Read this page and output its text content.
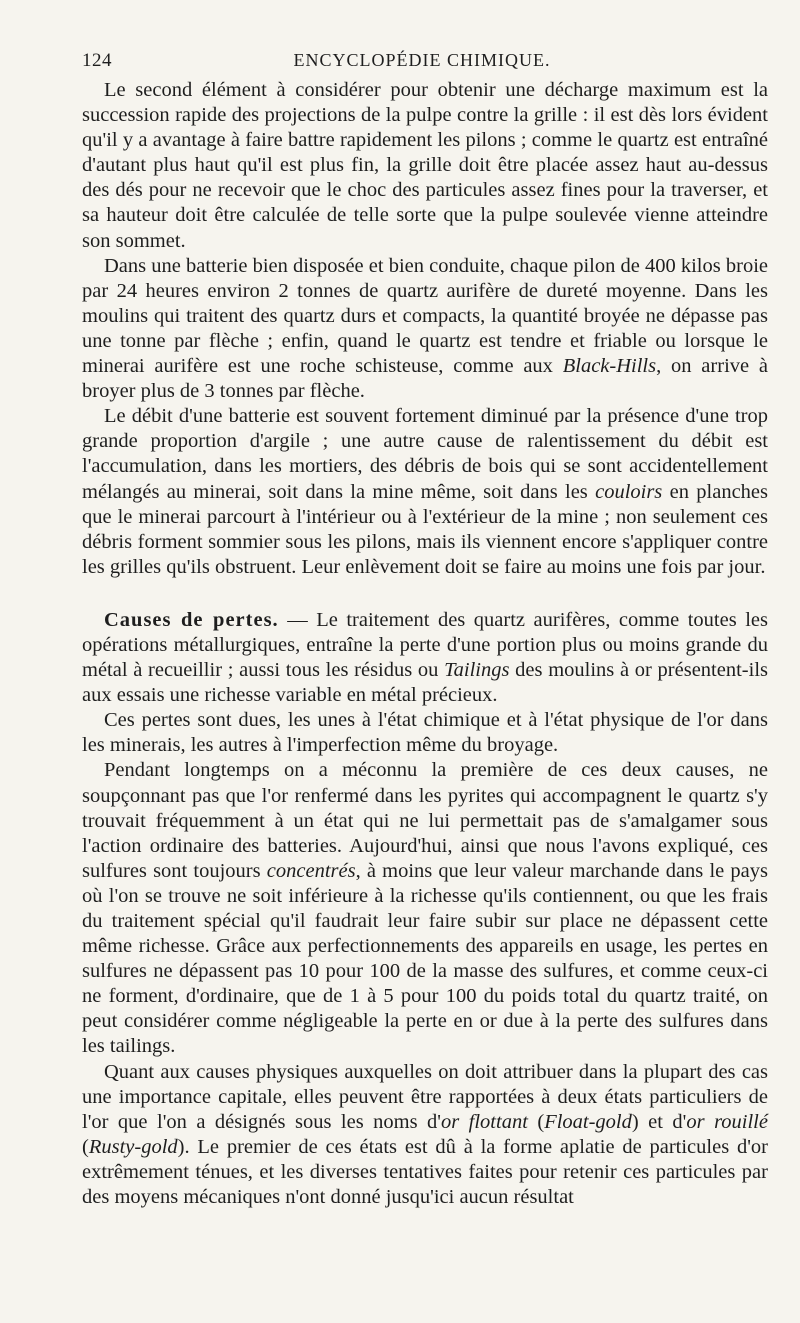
124	ENCYCLOPÉDIE CHIMIQUE.

Le second élément à considérer pour obtenir une décharge maximum est la succession rapide des projections de la pulpe contre la grille : il est dès lors évident qu'il y a avantage à faire battre rapidement les pilons ; comme le quartz est entraîné d'autant plus haut qu'il est plus fin, la grille doit être placée assez haut au-dessus des dés pour ne recevoir que le choc des particules assez fines pour la traverser, et sa hauteur doit être calculée de telle sorte que la pulpe soulevée vienne atteindre son sommet.

Dans une batterie bien disposée et bien conduite, chaque pilon de 400 kilos broie par 24 heures environ 2 tonnes de quartz aurifère de dureté moyenne. Dans les moulins qui traitent des quartz durs et compacts, la quantité broyée ne dépasse pas une tonne par flèche ; enfin, quand le quartz est tendre et friable ou lorsque le minerai aurifère est une roche schisteuse, comme aux Black-Hills, on arrive à broyer plus de 3 tonnes par flèche.

Le débit d'une batterie est souvent fortement diminué par la présence d'une trop grande proportion d'argile ; une autre cause de ralentissement du débit est l'accumulation, dans les mortiers, des débris de bois qui se sont accidentellement mélangés au minerai, soit dans la mine même, soit dans les couloirs en planches que le minerai parcourt à l'intérieur ou à l'extérieur de la mine ; non seulement ces débris forment sommier sous les pilons, mais ils viennent encore s'appliquer contre les grilles qu'ils obstruent. Leur enlèvement doit se faire au moins une fois par jour.

Causes de pertes. — Le traitement des quartz aurifères, comme toutes les opérations métallurgiques, entraîne la perte d'une portion plus ou moins grande du métal à recueillir ; aussi tous les résidus ou Tailings des moulins à or présentent-ils aux essais une richesse variable en métal précieux.

Ces pertes sont dues, les unes à l'état chimique et à l'état physique de l'or dans les minerais, les autres à l'imperfection même du broyage.

Pendant longtemps on a méconnu la première de ces deux causes, ne soupçonnant pas que l'or renfermé dans les pyrites qui accompagnent le quartz s'y trouvait fréquemment à un état qui ne lui permettait pas de s'amalgamer sous l'action ordinaire des batteries. Aujourd'hui, ainsi que nous l'avons expliqué, ces sulfures sont toujours concentrés, à moins que leur valeur marchande dans le pays où l'on se trouve ne soit inférieure à la richesse qu'ils contiennent, ou que les frais du traitement spécial qu'il faudrait leur faire subir sur place ne dépassent cette même richesse. Grâce aux perfectionnements des appareils en usage, les pertes en sulfures ne dépassent pas 10 pour 100 de la masse des sulfures, et comme ceux-ci ne forment, d'ordinaire, que de 1 à 5 pour 100 du poids total du quartz traité, on peut considérer comme négligeable la perte en or due à la perte des sulfures dans les tailings.

Quant aux causes physiques auxquelles on doit attribuer dans la plupart des cas une importance capitale, elles peuvent être rapportées à deux états particuliers de l'or que l'on a désignés sous les noms d'or flottant (Float-gold) et d'or rouillé (Rusty-gold). Le premier de ces états est dû à la forme aplatie de particules d'or extrêmement ténues, et les diverses tentatives faites pour retenir ces particules par des moyens mécaniques n'ont donné jusqu'ici aucun résultat
